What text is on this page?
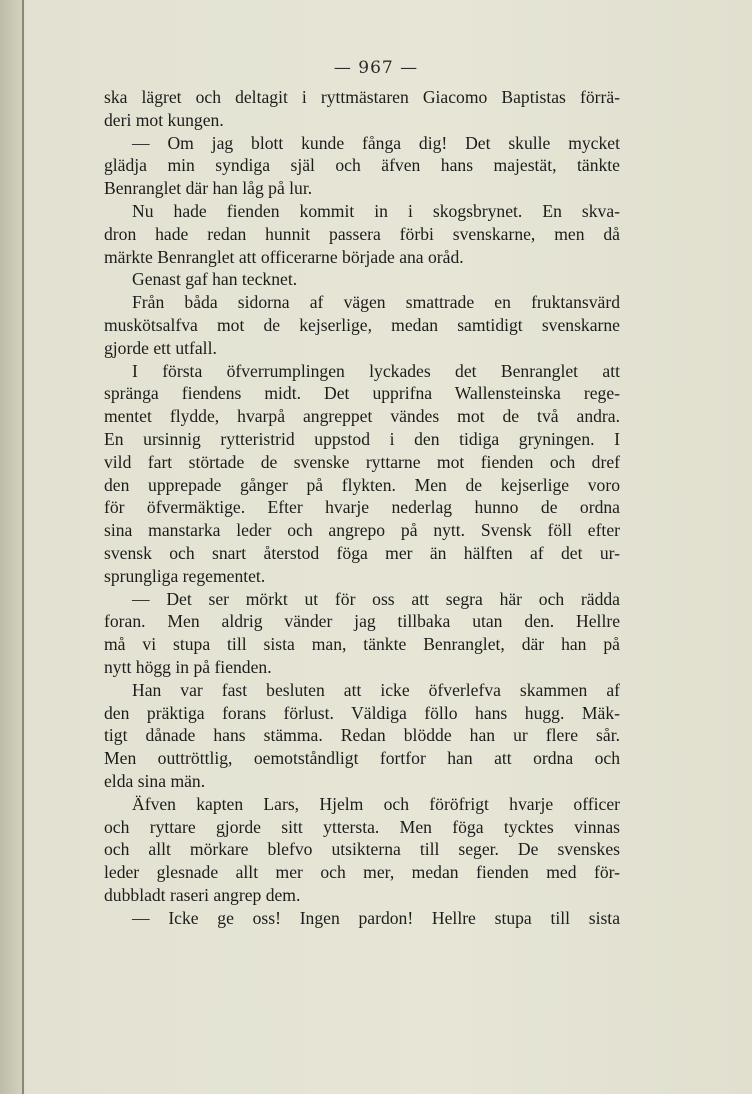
— 967 —
ska lägret och deltagit i ryttmästaren Giacomo Baptistas förrä-
deri mot kungen.
— Om jag blott kunde fånga dig! Det skulle mycket
glädja min syndiga själ och äfven hans majestät, tänkte
Benranglet där han låg på lur.
Nu hade fienden kommit in i skogsbrynet. En skva-
dron hade redan hunnit passera förbi svenskarne, men då
märkte Benranglet att officerarne började ana oråd.
Genast gaf han tecknet.
Från båda sidorna af vägen smattrade en fruktansvärd
muskötsalfva mot de kejserlige, medan samtidigt svenskarne
gjorde ett utfall.
I första öfverrumplingen lyckades det Benranglet att
spränga fiendens midt. Det upprifna Wallensteinska rege-
mentet flydde, hvarpå angreppet vändes mot de två andra.
En ursinnig rytteristrid uppstod i den tidiga gryningen. I
vild fart störtade de svenske ryttarne mot fienden och dref
den upprepade gånger på flykten. Men de kejserlige voro
för öfvermäktige. Efter hvarje nederlag hunno de ordna
sina manstarka leder och angrepo på nytt. Svensk föll efter
svensk och snart återstod föga mer än hälften af det ur-
sprungliga regementet.
— Det ser mörkt ut för oss att segra här och rädda
foran. Men aldrig vänder jag tillbaka utan den. Hellre
må vi stupa till sista man, tänkte Benranglet, där han på
nytt högg in på fienden.
Han var fast besluten att icke öfverlefva skammen af
den präktiga forans förlust. Väldiga föllo hans hugg. Mäk-
tigt dånade hans stämma. Redan blödde han ur flere sår.
Men outtröttlig, oemotståndligt fortfor han att ordna och
elda sina män.
Äfven kapten Lars, Hjelm och föröfrigt hvarje officer
och ryttare gjorde sitt yttersta. Men föga tycktes vinnas
och allt mörkare blefvo utsikterna till seger. De svenskes
leder glesnade allt mer och mer, medan fienden med för-
dubbladt raseri angrep dem.
— Icke ge oss! Ingen pardon! Hellre stupa till sista
